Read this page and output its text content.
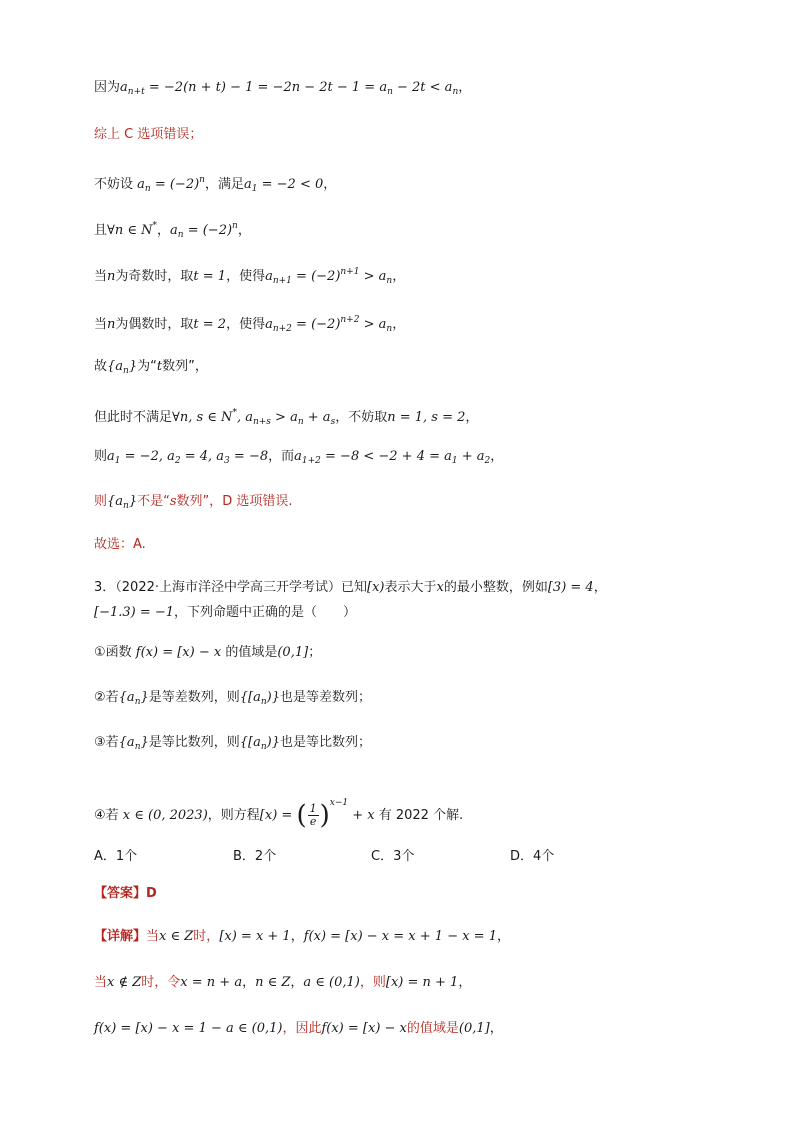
因为$a_{n+t} = -2(n + t) - 1 = -2n - 2t - 1 = a_n - 2t < a_n$，
综上 C 选项错误；
不妨设 $a_n = (-2)^n$，满足$a_1 = -2 < 0$，
且∀n ∈ N*，$a_n = (-2)^n$，
当n为奇数时，取t = 1，使得$a_{n+1} = (-2)^{n+1} > a_n$，
当n为偶数时，取t = 2，使得$a_{n+2} = (-2)^{n+2} > a_n$，
故$\{a_n\}$为“t数列”，
但此时不满足∀n, s ∈ N*, $a_{n+s} > a_n + a_s$，不妨取n = 1, s = 2，
则$a_1 = -2$, $a_2 = 4$, $a_3 = -8$，而$a_{1+2} = -8 < -2 + 4 = a_1 + a_2$，
则$\{a_n\}$不是“s数列”，D 选项错误.
故选：A.
3．（2022·上海市洋泾中学高三开学考试）已知[x)表示大于x的最小整数，例如[3) = 4，
[−1.3) = −1，下列命题中正确的是（　　）
①函数 f(x) = [x) − x 的值域是(0,1]；
②若$\{a_n\}$是等差数列，则$\{[a_n)\}$也是等差数列；
③若$\{a_n\}$是等比数列，则$\{[a_n)\}$也是等比数列；
④若 x ∈ (0, 2023)，则方程[x) = ( $\frac{1}{e} )^{x-1} + x$ 有 2022 个解.
A．1个	B．2个	C．3个	D．4个
【答案】D
【详解】当x ∈ Z时，[x) = x + 1，f(x) = [x) − x = x + 1 − x = 1，
当x ∉ Z时，令x = n + a，n ∈ Z，a ∈ (0,1)，则[x) = n + 1，
f(x) = [x) − x = 1 − a ∈ (0,1)，因此f(x) = [x) − x的值域是(0,1]，
